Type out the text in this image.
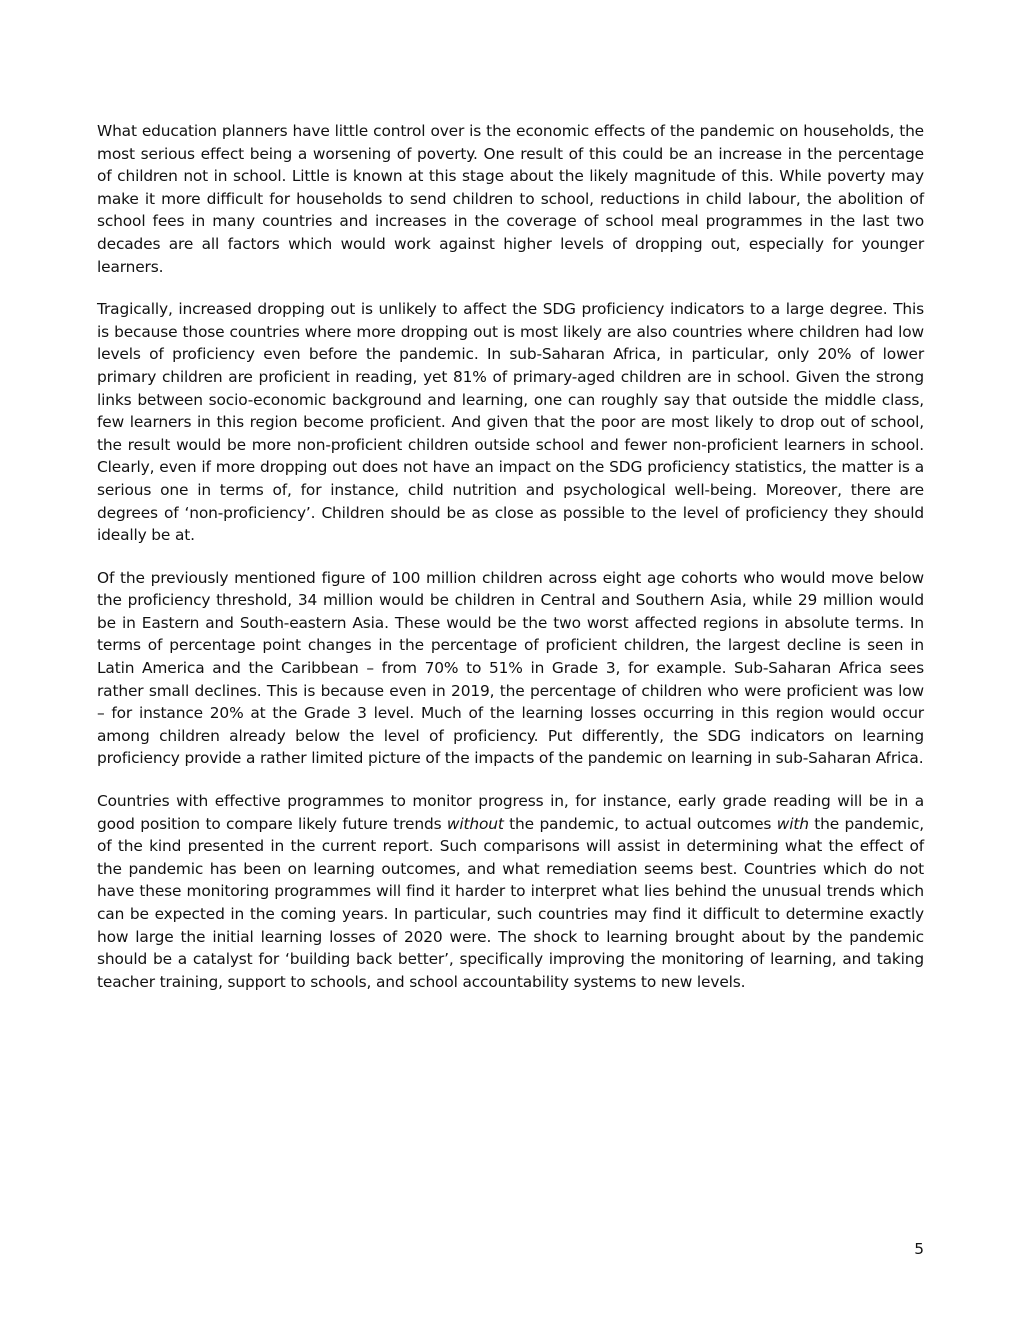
What education planners have little control over is the economic effects of the pandemic on households, the most serious effect being a worsening of poverty. One result of this could be an increase in the percentage of children not in school. Little is known at this stage about the likely magnitude of this. While poverty may make it more difficult for households to send children to school, reductions in child labour, the abolition of school fees in many countries and increases in the coverage of school meal programmes in the last two decades are all factors which would work against higher levels of dropping out, especially for younger learners.

Tragically, increased dropping out is unlikely to affect the SDG proficiency indicators to a large degree. This is because those countries where more dropping out is most likely are also countries where children had low levels of proficiency even before the pandemic. In sub-Saharan Africa, in particular, only 20% of lower primary children are proficient in reading, yet 81% of primary-aged children are in school. Given the strong links between socio-economic background and learning, one can roughly say that outside the middle class, few learners in this region become proficient. And given that the poor are most likely to drop out of school, the result would be more non-proficient children outside school and fewer non-proficient learners in school. Clearly, even if more dropping out does not have an impact on the SDG proficiency statistics, the matter is a serious one in terms of, for instance, child nutrition and psychological well-being. Moreover, there are degrees of ‘non-proficiency’. Children should be as close as possible to the level of proficiency they should ideally be at.

Of the previously mentioned figure of 100 million children across eight age cohorts who would move below the proficiency threshold, 34 million would be children in Central and Southern Asia, while 29 million would be in Eastern and South-eastern Asia. These would be the two worst affected regions in absolute terms. In terms of percentage point changes in the percentage of proficient children, the largest decline is seen in Latin America and the Caribbean – from 70% to 51% in Grade 3, for example. Sub-Saharan Africa sees rather small declines. This is because even in 2019, the percentage of children who were proficient was low – for instance 20% at the Grade 3 level. Much of the learning losses occurring in this region would occur among children already below the level of proficiency. Put differently, the SDG indicators on learning proficiency provide a rather limited picture of the impacts of the pandemic on learning in sub-Saharan Africa.

Countries with effective programmes to monitor progress in, for instance, early grade reading will be in a good position to compare likely future trends without the pandemic, to actual outcomes with the pandemic, of the kind presented in the current report. Such comparisons will assist in determining what the effect of the pandemic has been on learning outcomes, and what remediation seems best. Countries which do not have these monitoring programmes will find it harder to interpret what lies behind the unusual trends which can be expected in the coming years. In particular, such countries may find it difficult to determine exactly how large the initial learning losses of 2020 were. The shock to learning brought about by the pandemic should be a catalyst for ‘building back better’, specifically improving the monitoring of learning, and taking teacher training, support to schools, and school accountability systems to new levels.

5
